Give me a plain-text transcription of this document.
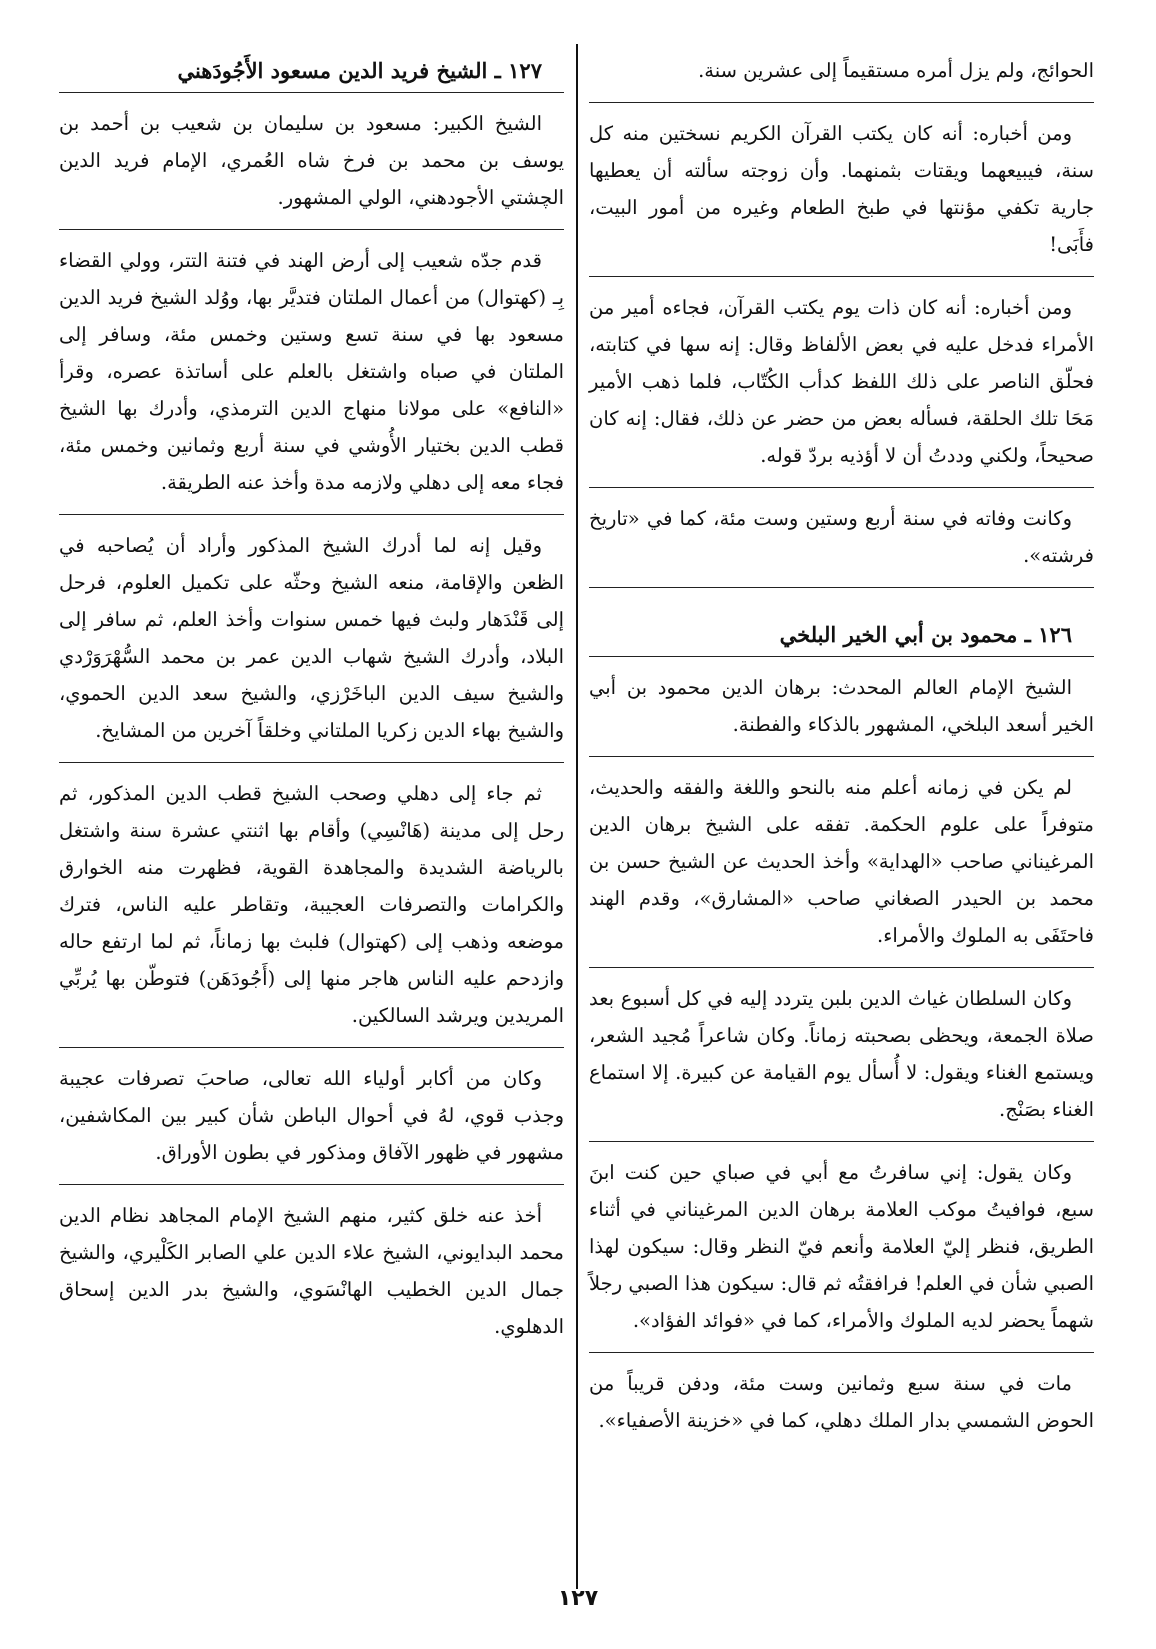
الحوائج، ولم يزل أمره مستقيماً إلى عشرين سنة.

ومن أخباره: أنه كان يكتب القرآن الكريم نسختين منه كل سنة، فيبيعهما ويقتات بثمنهما. وأن زوجته سألته أن يعطيها جارية تكفي مؤنتها في طبخ الطعام وغيره من أمور البيت، فأَبَى!

ومن أخباره: أنه كان ذات يوم يكتب القرآن، فجاءه أمير من الأمراء فدخل عليه في بعض الألفاظ وقال: إنه سها في كتابته، فحلّق الناصر على ذلك اللفظ كدأب الكُتّاب، فلما ذهب الأمير مَحَا تلك الحلقة، فسأله بعض من حضر عن ذلك، فقال: إنه كان صحيحاً، ولكني وددتُ أن لا أؤذيه بردّ قوله.

وكانت وفاته في سنة أربع وستين وست مئة، كما في «تاريخ فرشته».

١٢٦ ـ محمود بن أبي الخير البلخي

الشيخ الإمام العالم المحدث: برهان الدين محمود بن أبي الخير أسعد البلخي، المشهور بالذكاء والفطنة.

لم يكن في زمانه أعلم منه بالنحو واللغة والفقه والحديث، متوفراً على علوم الحكمة. تفقه على الشيخ برهان الدين المرغيناني صاحب «الهداية» وأخذ الحديث عن الشيخ حسن بن محمد بن الحيدر الصغاني صاحب «المشارق»، وقدم الهند فاحتَفَى به الملوك والأمراء.

وكان السلطان غياث الدين بلبن يتردد إليه في كل أسبوع بعد صلاة الجمعة، ويحظى بصحبته زماناً. وكان شاعراً مُجيد الشعر، ويستمع الغناء ويقول: لا أُسأل يوم القيامة عن كبيرة. إلا استماع الغناء بصَنْج.

وكان يقول: إني سافرتُ مع أبي في صباي حين كنت ابنَ سبع، فوافيتُ موكب العلامة برهان الدين المرغيناني في أثناء الطريق، فنظر إليّ العلامة وأنعم فيّ النظر وقال: سيكون لهذا الصبي شأن في العلم! فرافقتُه ثم قال: سيكون هذا الصبي رجلاً شهماً يحضر لديه الملوك والأمراء، كما في «فوائد الفؤاد».

مات في سنة سبع وثمانين وست مئة، ودفن قريباً من الحوض الشمسي بدار الملك دهلي، كما في «خزينة الأصفياء».

١٢٧ ـ الشيخ فريد الدين مسعود الأَجُودَهني

الشيخ الكبير: مسعود بن سليمان بن شعيب بن أحمد بن يوسف بن محمد بن فرخ شاه العُمري، الإمام فريد الدين الچشتي الأجودهني، الولي المشهور.

قدم جدّه شعيب إلى أرض الهند في فتنة التتر، وولي القضاء بِـ (كهتوال) من أعمال الملتان فتديَّر بها، ووُلد الشيخ فريد الدين مسعود بها في سنة تسع وستين وخمس مئة، وسافر إلى الملتان في صباه واشتغل بالعلم على أساتذة عصره، وقرأ «النافع» على مولانا منهاج الدين الترمذي، وأدرك بها الشيخ قطب الدين بختيار الأُوشي في سنة أربع وثمانين وخمس مئة، فجاء معه إلى دهلي ولازمه مدة وأخذ عنه الطريقة.

وقيل إنه لما أدرك الشيخ المذكور وأراد أن يُصاحبه في الظعن والإقامة، منعه الشيخ وحثّه على تكميل العلوم، فرحل إلى قَنْدَهار ولبث فيها خمس سنوات وأخذ العلم، ثم سافر إلى البلاد، وأدرك الشيخ شهاب الدين عمر بن محمد السُّهْرَوَرْدي والشيخ سيف الدين الباخَرْزي، والشيخ سعد الدين الحموي، والشيخ بهاء الدين زكريا الملتاني وخلقاً آخرين من المشايخ.

ثم جاء إلى دهلي وصحب الشيخ قطب الدين المذكور، ثم رحل إلى مدينة (هَانْسِي) وأقام بها اثنتي عشرة سنة واشتغل بالرياضة الشديدة والمجاهدة القوية، فظهرت منه الخوارق والكرامات والتصرفات العجيبة، وتقاطر عليه الناس، فترك موضعه وذهب إلى (كهتوال) فلبث بها زماناً، ثم لما ارتفع حاله وازدحم عليه الناس هاجر منها إلى (أَجُودَهَن) فتوطّن بها يُربِّي المريدين ويرشد السالكين.

وكان من أكابر أولياء الله تعالى، صاحبَ تصرفات عجيبة وجذب قوي، لهُ في أحوال الباطن شأن كبير بين المكاشفين، مشهور في ظهور الآفاق ومذكور في بطون الأوراق.

أخذ عنه خلق كثير، منهم الشيخ الإمام المجاهد نظام الدين محمد البدايوني، الشيخ علاء الدين علي الصابر الكَلْيري، والشيخ جمال الدين الخطيب الهانْسَوي، والشيخ بدر الدين إسحاق الدهلوي.

١٢٧
